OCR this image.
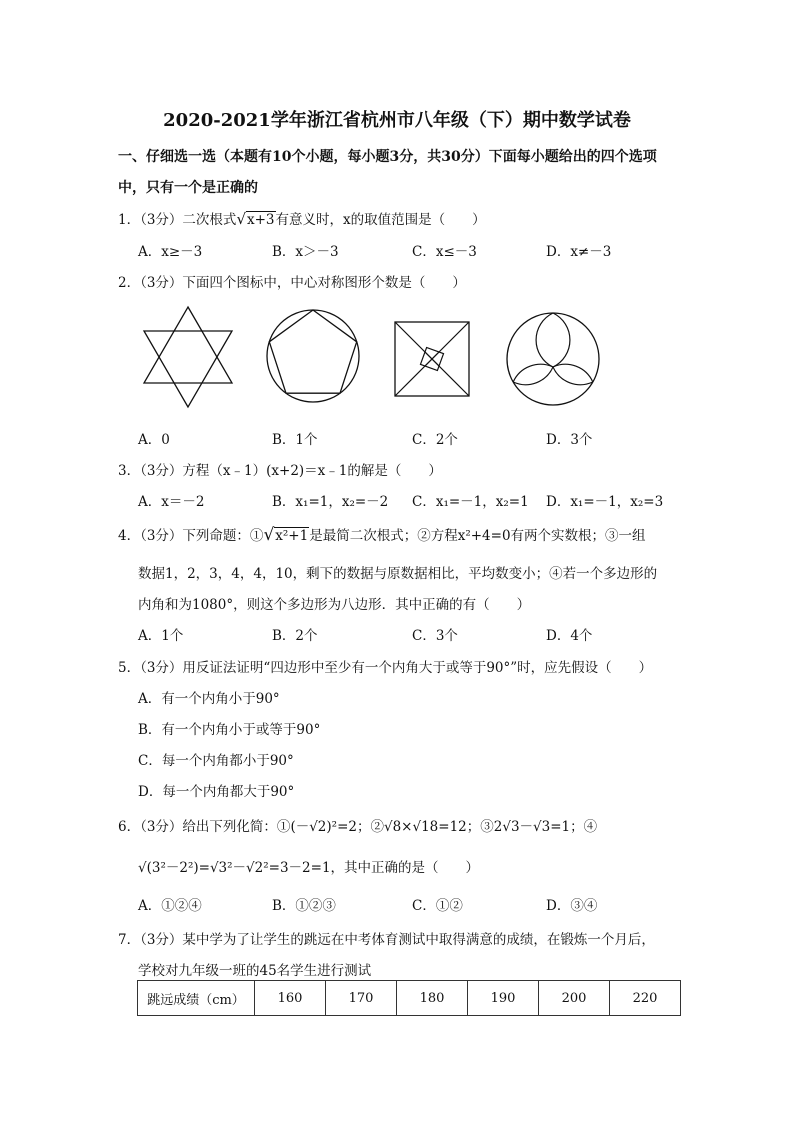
2020-2021学年浙江省杭州市八年级（下）期中数学试卷
一、仔细选一选（本题有10个小题，每小题3分，共30分）下面每小题给出的四个选项
中，只有一个是正确的
1．（3分）二次根式√x+3有意义时，x的取值范围是（　　）
A．x≥－3	B．x＞－3	C．x≤－3	D．x≠－3
2．（3分）下面四个图标中，中心对称图形个数是（　　）
A．0	B．1个	C．2个	D．3个
3．（3分）方程（x﹣1）(x+2)＝x﹣1的解是（　　）
A．x＝－2	B．x₁=1，x₂=－2 C．x₁=－1，x₂=1 D．x₁=－1，x₂=3
4．（3分）下列命题：①√x²+1是最简二次根式；②方程x²+4=0有两个实数根；③一组
数据1，2，3，4，4，10，剩下的数据与原数据相比，平均数变小；④若一个多边形的
内角和为1080°，则这个多边形为八边形．其中正确的有（　　）
A．1个	B．2个	C．3个	D．4个
5．（3分）用反证法证明“四边形中至少有一个内角大于或等于90°”时，应先假设（　　）
A．有一个内角小于90°
B．有一个内角小于或等于90°
C．每一个内角都小于90°
D．每一个内角都大于90°
6．（3分）给出下列化简：①(－√2)²=2；②√8×√18=12；③2√3－√3=1；④
√(3²－2²)=√3²－√2²=3－2=1，其中正确的是（　　）
A．①②④	B．①②③	C．①②	D．③④
7．（3分）某中学为了让学生的跳远在中考体育测试中取得满意的成绩，在锻炼一个月后，
学校对九年级一班的45名学生进行测试
跳远成绩（cm）	160	170	180	190	200	220
